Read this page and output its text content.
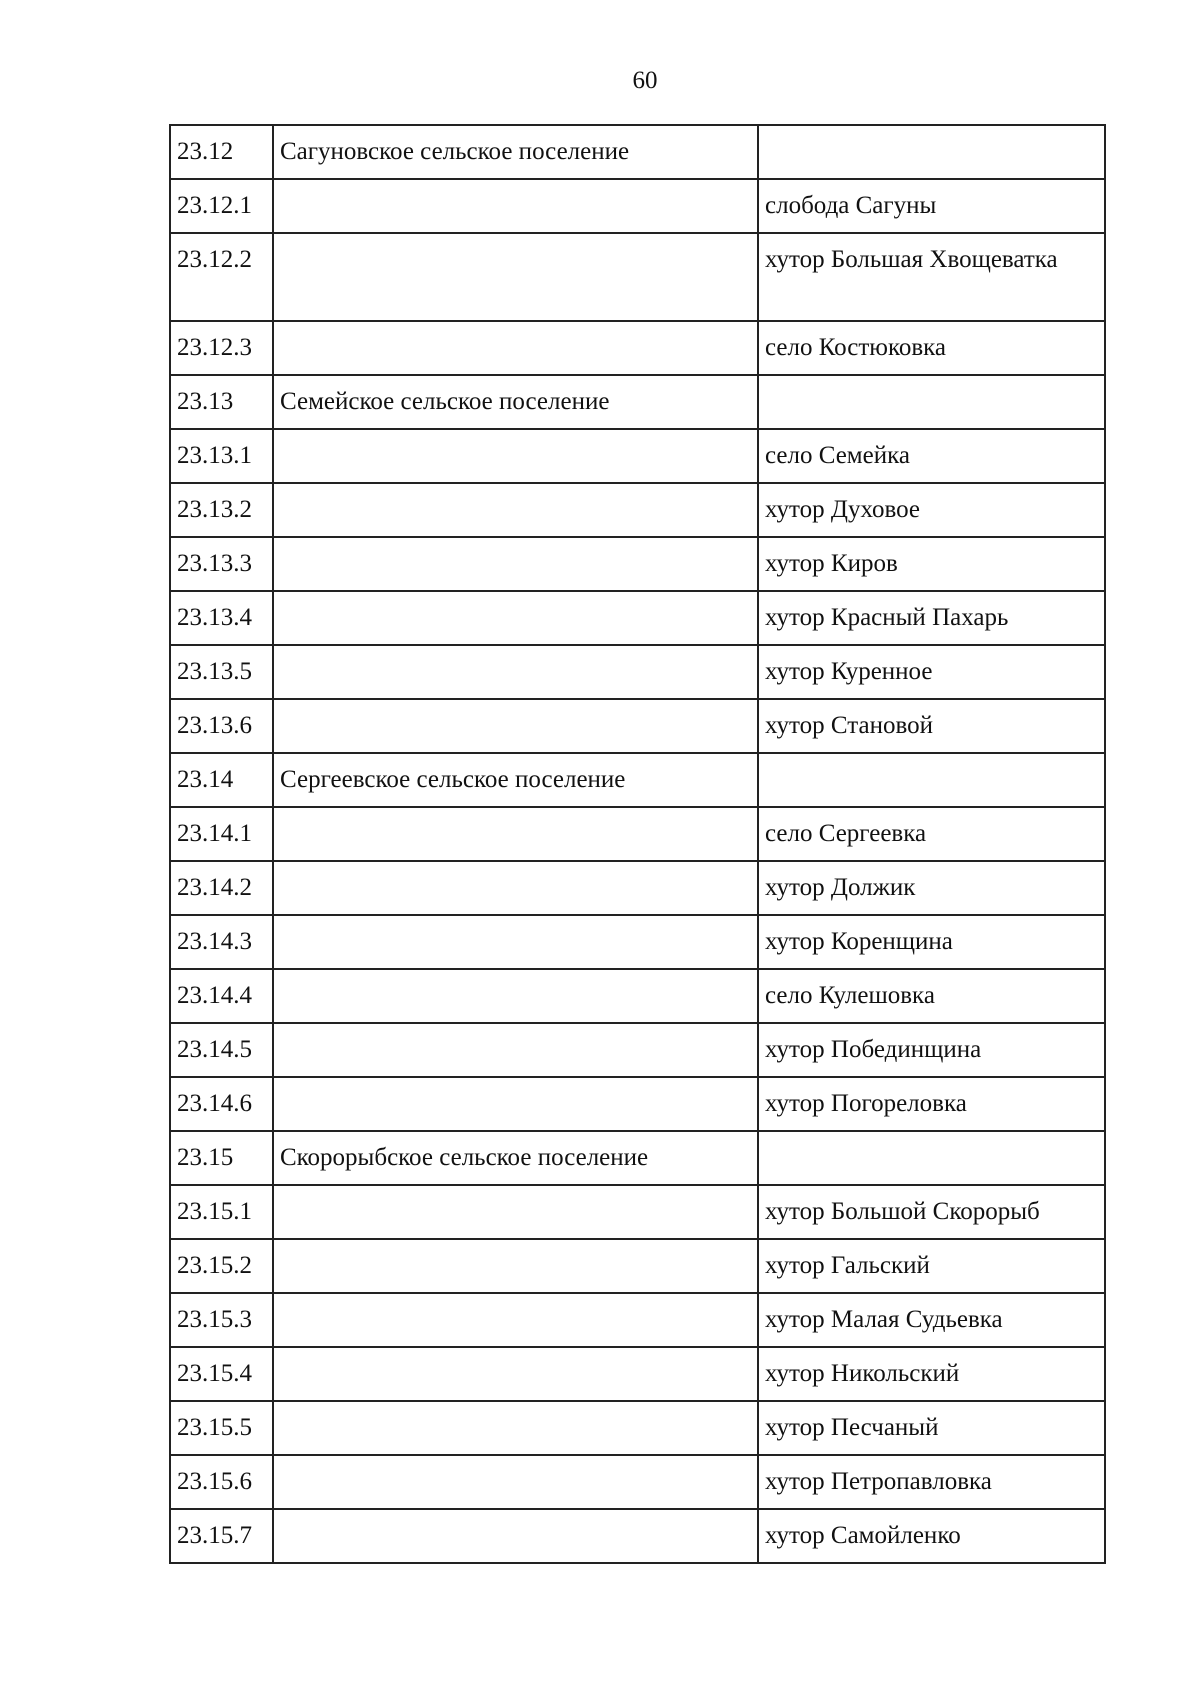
60
23.12	Сагуновское сельское поселение	
23.12.1		слобода Сагуны
23.12.2		хутор Большая Хвощеватка
23.12.3		село Костюковка
23.13	Семейское сельское поселение	
23.13.1		село Семейка
23.13.2		хутор Духовое
23.13.3		хутор Киров
23.13.4		хутор Красный Пахарь
23.13.5		хутор Куренное
23.13.6		хутор Становой
23.14	Сергеевское сельское поселение	
23.14.1		село Сергеевка
23.14.2		хутор Должик
23.14.3		хутор Коренщина
23.14.4		село Кулешовка
23.14.5		хутор Побединщина
23.14.6		хутор Погореловка
23.15	Скорорыбское сельское поселение	
23.15.1		хутор Большой Скорорыб
23.15.2		хутор Гальский
23.15.3		хутор Малая Судьевка
23.15.4		хутор Никольский
23.15.5		хутор Песчаный
23.15.6		хутор Петропавловка
23.15.7		хутор Самойленко
